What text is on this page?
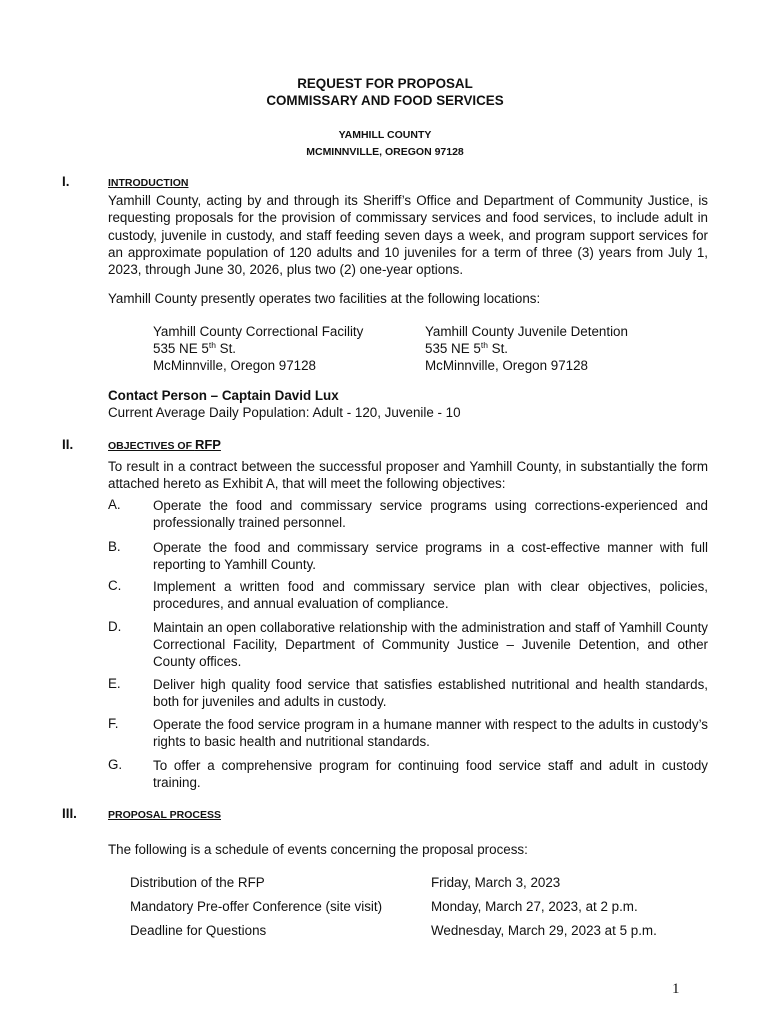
REQUEST FOR PROPOSAL
COMMISSARY AND FOOD SERVICES
YAMHILL COUNTY
MCMINNVILLE, OREGON 97128
I.	INTRODUCTION
Yamhill County, acting by and through its Sheriff’s Office and Department of Community Justice, is requesting proposals for the provision of commissary services and food services, to include adult in custody, juvenile in custody, and staff feeding seven days a week, and program support services for an approximate population of 120 adults and 10 juveniles for a term of three (3) years from July 1, 2023, through June 30, 2026, plus two (2) one-year options.
Yamhill County presently operates two facilities at the following locations:
Yamhill County Correctional Facility
535 NE 5th St.
McMinnville, Oregon 97128
Yamhill County Juvenile Detention
535 NE 5th St.
McMinnville, Oregon 97128
Contact Person – Captain David Lux
Current Average Daily Population: Adult - 120, Juvenile - 10
II.	OBJECTIVES OF RFP
To result in a contract between the successful proposer and Yamhill County, in substantially the form attached hereto as Exhibit A, that will meet the following objectives:
A. Operate the food and commissary service programs using corrections-experienced and professionally trained personnel.
B. Operate the food and commissary service programs in a cost-effective manner with full reporting to Yamhill County.
C. Implement a written food and commissary service plan with clear objectives, policies, procedures, and annual evaluation of compliance.
D. Maintain an open collaborative relationship with the administration and staff of Yamhill County Correctional Facility, Department of Community Justice – Juvenile Detention, and other County offices.
E. Deliver high quality food service that satisfies established nutritional and health standards, both for juveniles and adults in custody.
F.	Operate the food service program in a humane manner with respect to the adults in custody’s rights to basic health and nutritional standards.
G. To offer a comprehensive program for continuing food service staff and adult in custody training.
III.	PROPOSAL PROCESS
The following is a schedule of events concerning the proposal process:
Distribution of the RFP	Friday, March 3, 2023
Mandatory Pre-offer Conference (site visit)	Monday, March 27, 2023, at 2 p.m.
Deadline for Questions	Wednesday, March 29, 2023 at 5 p.m.
1
